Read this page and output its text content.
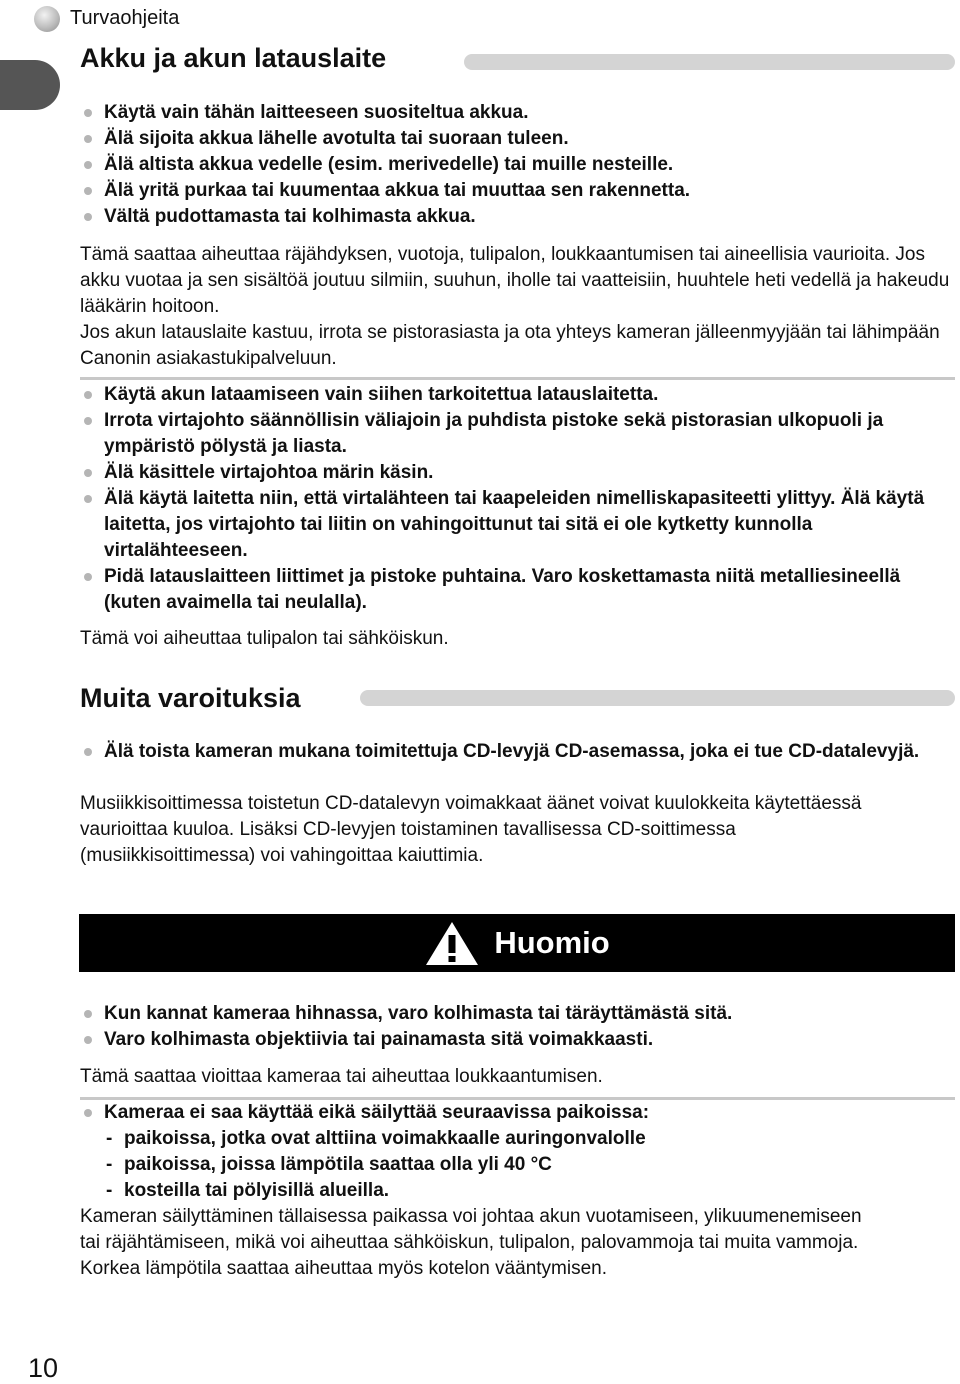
Turvaohjeita
Akku ja akun latauslaite
Käytä vain tähän laitteeseen suositeltua akkua.
Älä sijoita akkua lähelle avotulta tai suoraan tuleen.
Älä altista akkua vedelle (esim. merivedelle) tai muille nesteille.
Älä yritä purkaa tai kuumentaa akkua tai muuttaa sen rakennetta.
Vältä pudottamasta tai kolhimasta akkua.

Tämä saattaa aiheuttaa räjähdyksen, vuotoja, tulipalon, loukkaantumisen tai aineellisia vaurioita. Jos akku vuotaa ja sen sisältöä joutuu silmiin, suuhun, iholle tai vaatteisiin, huuhtele heti vedellä ja hakeudu lääkärin hoitoon.

Jos akun latauslaite kastuu, irrota se pistorasiasta ja ota yhteys kameran jälleenmyyjään tai lähimpään Canonin asiakastukipalveluun.

Käytä akun lataamiseen vain siihen tarkoitettua latauslaitetta.
Irrota virtajohto säännöllisin väliajoin ja puhdista pistoke sekä pistorasian ulkopuoli ja ympäristö pölystä ja liasta.
Älä käsittele virtajohtoa märin käsin.
Älä käytä laitetta niin, että virtalähteen tai kaapeleiden nimelliskapasiteetti ylittyy. Älä käytä laitetta, jos virtajohto tai liitin on vahingoittunut tai sitä ei ole kytketty kunnolla virtalähteeseen.
Pidä latauslaitteen liittimet ja pistoke puhtaina. Varo koskettamasta niitä metalliesineellä (kuten avaimella tai neulalla).
Tämä voi aiheuttaa tulipalon tai sähköiskun.
Muita varoituksia
Älä toista kameran mukana toimitettuja CD-levyjä CD-asemassa, joka ei tue CD-datalevyjä.
Musiikkisoittimessa toistetun CD-datalevyn voimakkaat äänet voivat kuulokkeita käytettäessä vaurioittaa kuuloa. Lisäksi CD-levyjen toistaminen tavallisessa CD-soittimessa (musiikkisoittimessa) voi vahingoittaa kaiuttimia.
Huomio
Kun kannat kameraa hihnassa, varo kolhimasta tai täräyttämästä sitä.
Varo kolhimasta objektiivia tai painamasta sitä voimakkaasti.
Tämä saattaa vioittaa kameraa tai aiheuttaa loukkaantumisen.
Kameraa ei saa käyttää eikä säilyttää seuraavissa paikoissa:
- paikoissa, jotka ovat alttiina voimakkaalle auringonvalolle
- paikoissa, joissa lämpötila saattaa olla yli 40 °C
- kosteilla tai pölyisillä alueilla.
Kameran säilyttäminen tällaisessa paikassa voi johtaa akun vuotamiseen, ylikuumenemiseen tai räjähtämiseen, mikä voi aiheuttaa sähköiskun, tulipalon, palovammoja tai muita vammoja. Korkea lämpötila saattaa aiheuttaa myös kotelon vääntymisen.
10
